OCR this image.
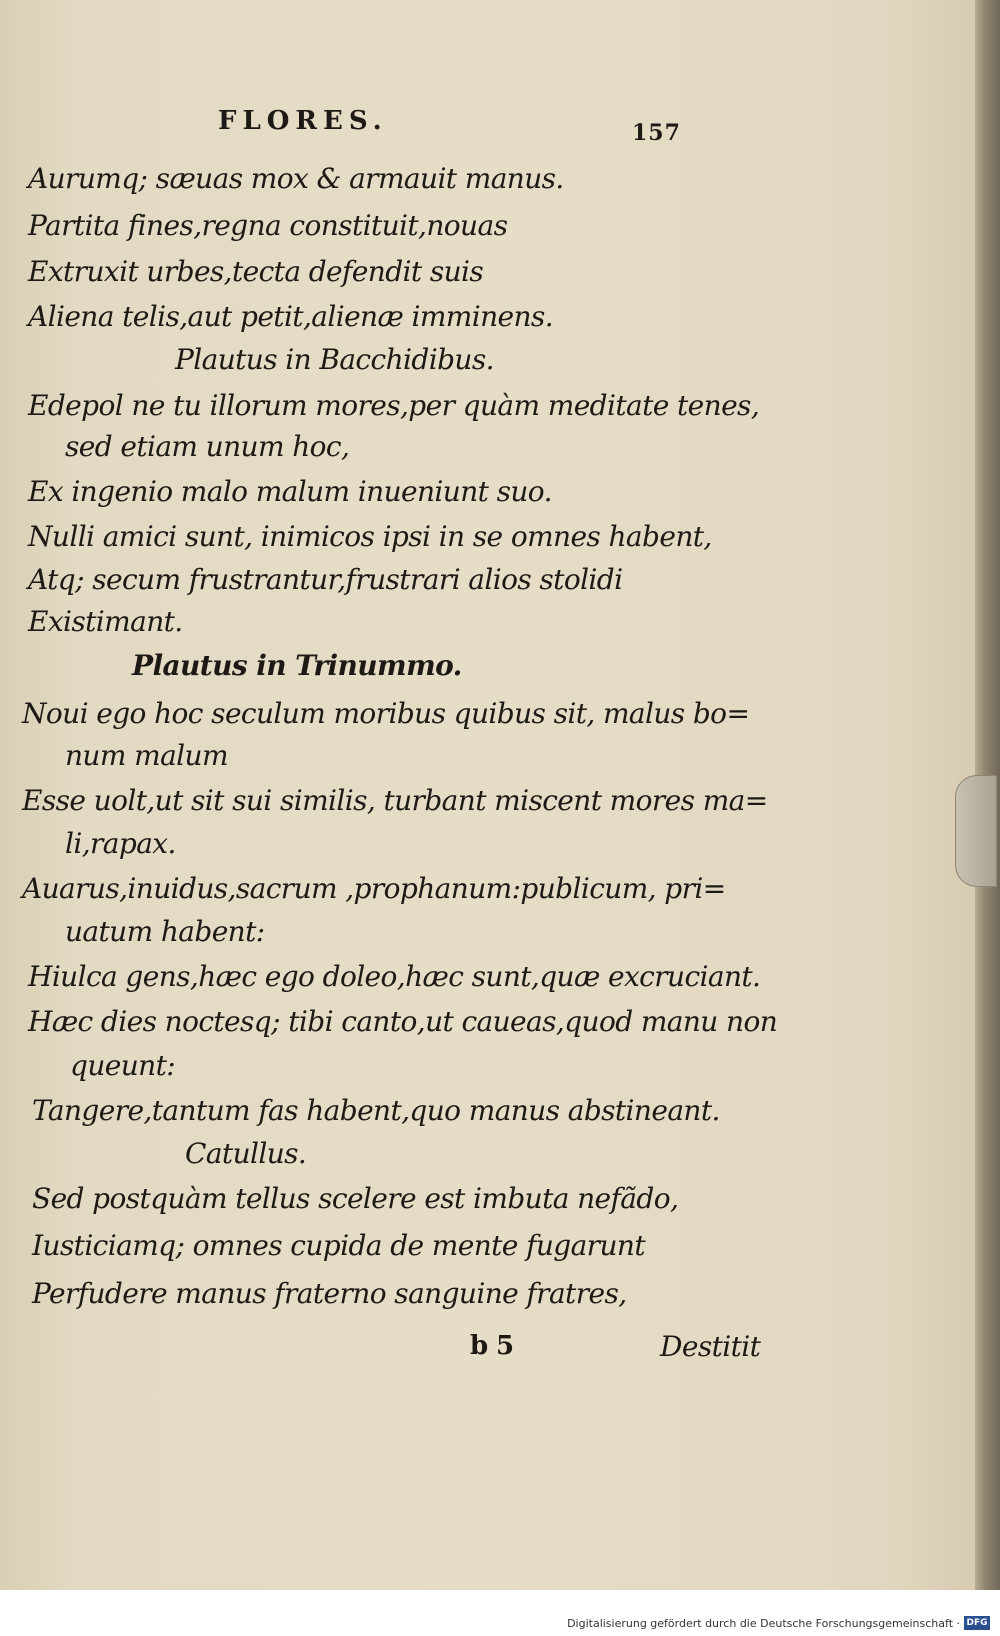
FLORES.	157
Aurumq; sæuas mox & armauit manus.
Partita fines,regna constituit,nouas
Extruxit urbes,tecta defendit suis
Aliena telis,aut petit,alienæ imminens.
Plautus in Bacchidibus.
Edepol ne tu illorum mores,per quàm meditate tenes,
sed etiam unum hoc,
Ex ingenio malo malum inueniunt suo.
Nulli amici sunt, inimicos ipsi in se omnes habent,
Atq; secum frustrantur,frustrari alios stolidi
Existimant.
Plautus in Trinummo.
Noui ego hoc seculum moribus quibus sit, malus bo=
num malum
Esse uolt,ut sit sui similis, turbant miscent mores ma=
li,rapax.
Auarus,inuidus,sacrum ,prophanum:publicum, pri=
uatum habent:
Hiulca gens,hæc ego doleo,hæc sunt,quæ excruciant.
Hæc dies noctesq; tibi canto,ut caueas,quod manu non
queunt:
Tangere,tantum fas habent,quo manus abstineant.
Catullus.
Sed postquàm tellus scelere est imbuta nefãdo,
Iusticiamq; omnes cupida de mente fugarunt
Perfudere manus fraterno sanguine fratres,
b 5	Destitit
Digitalisierung gefördert durch die Deutsche Forschungsgemeinschaft · DFG
